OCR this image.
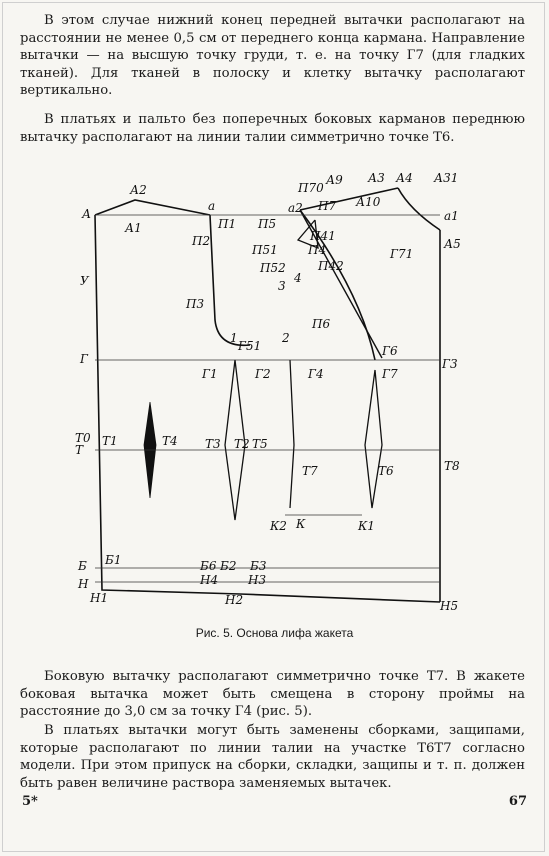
В этом случае нижний конец передней вытачки располагают на расстоянии не менее 0,5 см от переднего конца кармана. Направление вытачки — на высшую точку груди, т. е. на точку Г7 (для гладких тканей). Для тканей в полоску и клетку вытачку располагают вертикально.

В платьях и пальто без поперечных боковых карманов переднюю вытачку располагают на линии талии симметрично точке Т6.

А
А2
А1
а
П1
П2
У
П3
Г
Г1
Г51
Г2	Г4
Г6
Г7
Г3
1	2
Т0
Т
Т1	Т4 Т3 Т2 Т5
Т7	Т6	Т8
К2 К	К1
Б Б1	Б6 Б2 Б3
Н
Н1
Н4 Н3
Н2	Н5
П5
П51
П52
П4
П41
П42
П6
П70
А9 А3 А4 А31
а2 П7 А10
а1
А5
Г71
3
4
Рис. 5. Основа лифа жакета

Боковую вытачку располагают симметрично точке Т7. В жакете боковая вытачка может быть смещена в сторону проймы на расстояние до 3,0 см за точку Г4 (рис. 5).

В платьях вытачки могут быть заменены сборками, защипами, которые располагают по линии талии на участке Т6Т7 согласно модели. При этом припуск на сборки, складки, защипы и т. п. должен быть равен величине раствора заменяемых вытачек.

5*	67
